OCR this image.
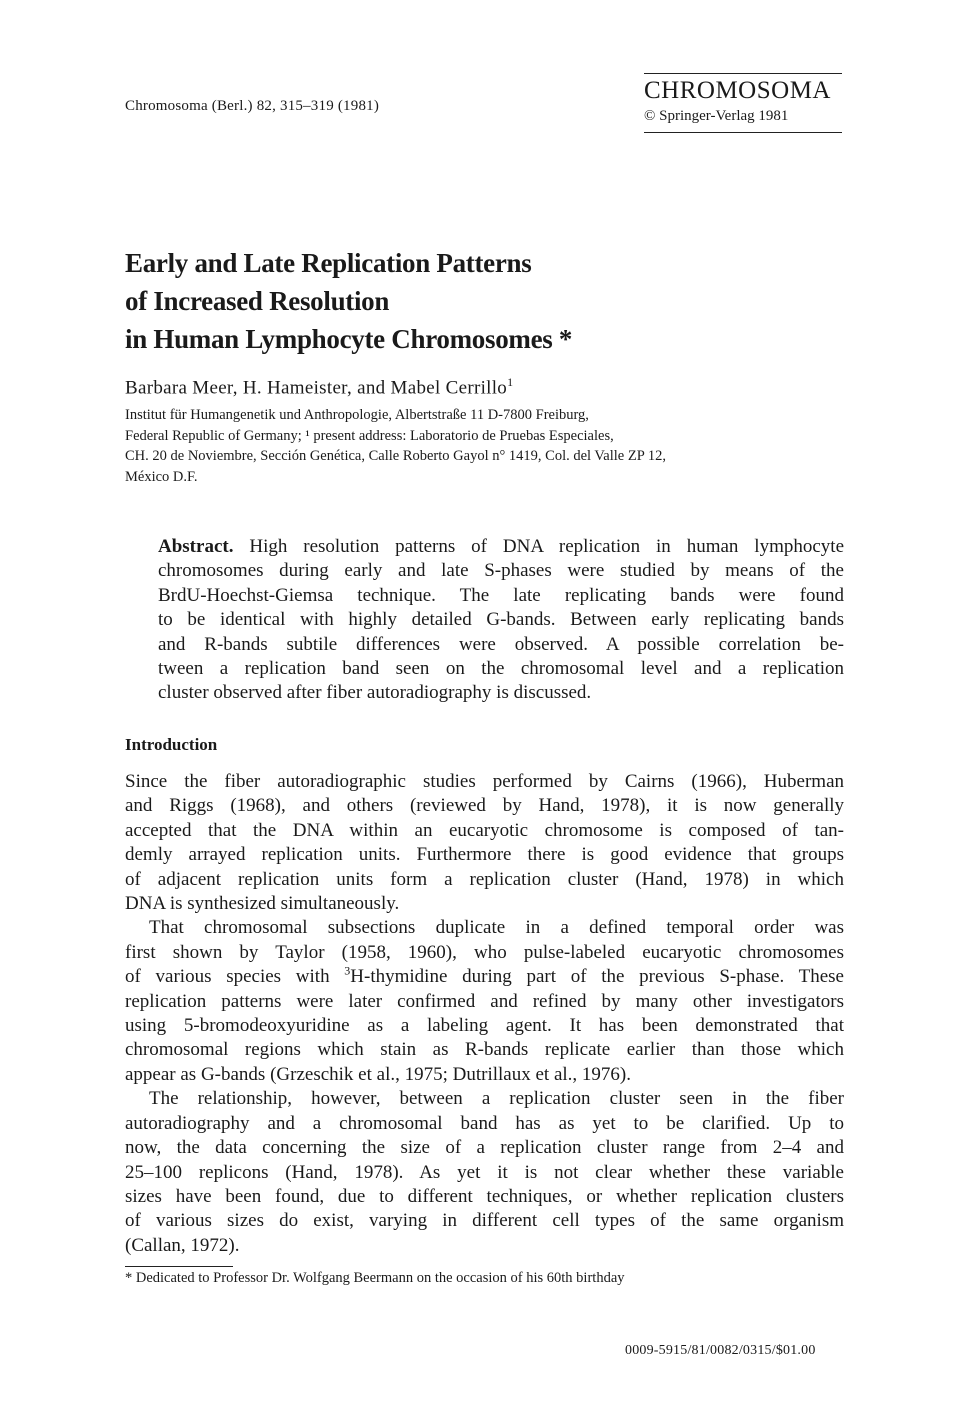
Chromosoma (Berl.) 82, 315–319 (1981)
CHROMOSOMA
© Springer-Verlag 1981
Early and Late Replication Patterns
of Increased Resolution
in Human Lymphocyte Chromosomes *
Barbara Meer, H. Hameister, and Mabel Cerrillo$^1$
Institut für Humangenetik und Anthropologie, Albertstraße 11 D-7800 Freiburg,
Federal Republic of Germany; ¹ present address: Laboratorio de Pruebas Especiales,
CH. 20 de Noviembre, Sección Genética, Calle Roberto Gayol n° 1419, Col. del Valle ZP 12,
México D.F.
Abstract. High resolution patterns of DNA replication in human lymphocyte
chromosomes during early and late S-phases were studied by means of the
BrdU-Hoechst-Giemsa technique. The late replicating bands were found
to be identical with highly detailed G-bands. Between early replicating bands
and R-bands subtile differences were observed. A possible correlation be-
tween a replication band seen on the chromosomal level and a replication
cluster observed after fiber autoradiography is discussed.
Introduction
Since the fiber autoradiographic studies performed by Cairns (1966), Huberman
and Riggs (1968), and others (reviewed by Hand, 1978), it is now generally
accepted that the DNA within an eucaryotic chromosome is composed of tan-
demly arrayed replication units. Furthermore there is good evidence that groups
of adjacent replication units form a replication cluster (Hand, 1978) in which
DNA is synthesized simultaneously.
That chromosomal subsections duplicate in a defined temporal order was
first shown by Taylor (1958, 1960), who pulse-labeled eucaryotic chromosomes
of various species with $^3$H-thymidine during part of the previous S-phase. These
replication patterns were later confirmed and refined by many other investigators
using 5-bromodeoxyuridine as a labeling agent. It has been demonstrated that
chromosomal regions which stain as R-bands replicate earlier than those which
appear as G-bands (Grzeschik et al., 1975; Dutrillaux et al., 1976).
The relationship, however, between a replication cluster seen in the fiber
autoradiography and a chromosomal band has as yet to be clarified. Up to
now, the data concerning the size of a replication cluster range from 2–4 and
25–100 replicons (Hand, 1978). As yet it is not clear whether these variable
sizes have been found, due to different techniques, or whether replication clusters
of various sizes do exist, varying in different cell types of the same organism
(Callan, 1972).
* Dedicated to Professor Dr. Wolfgang Beermann on the occasion of his 60th birthday
0009-5915/81/0082/0315/$01.00
